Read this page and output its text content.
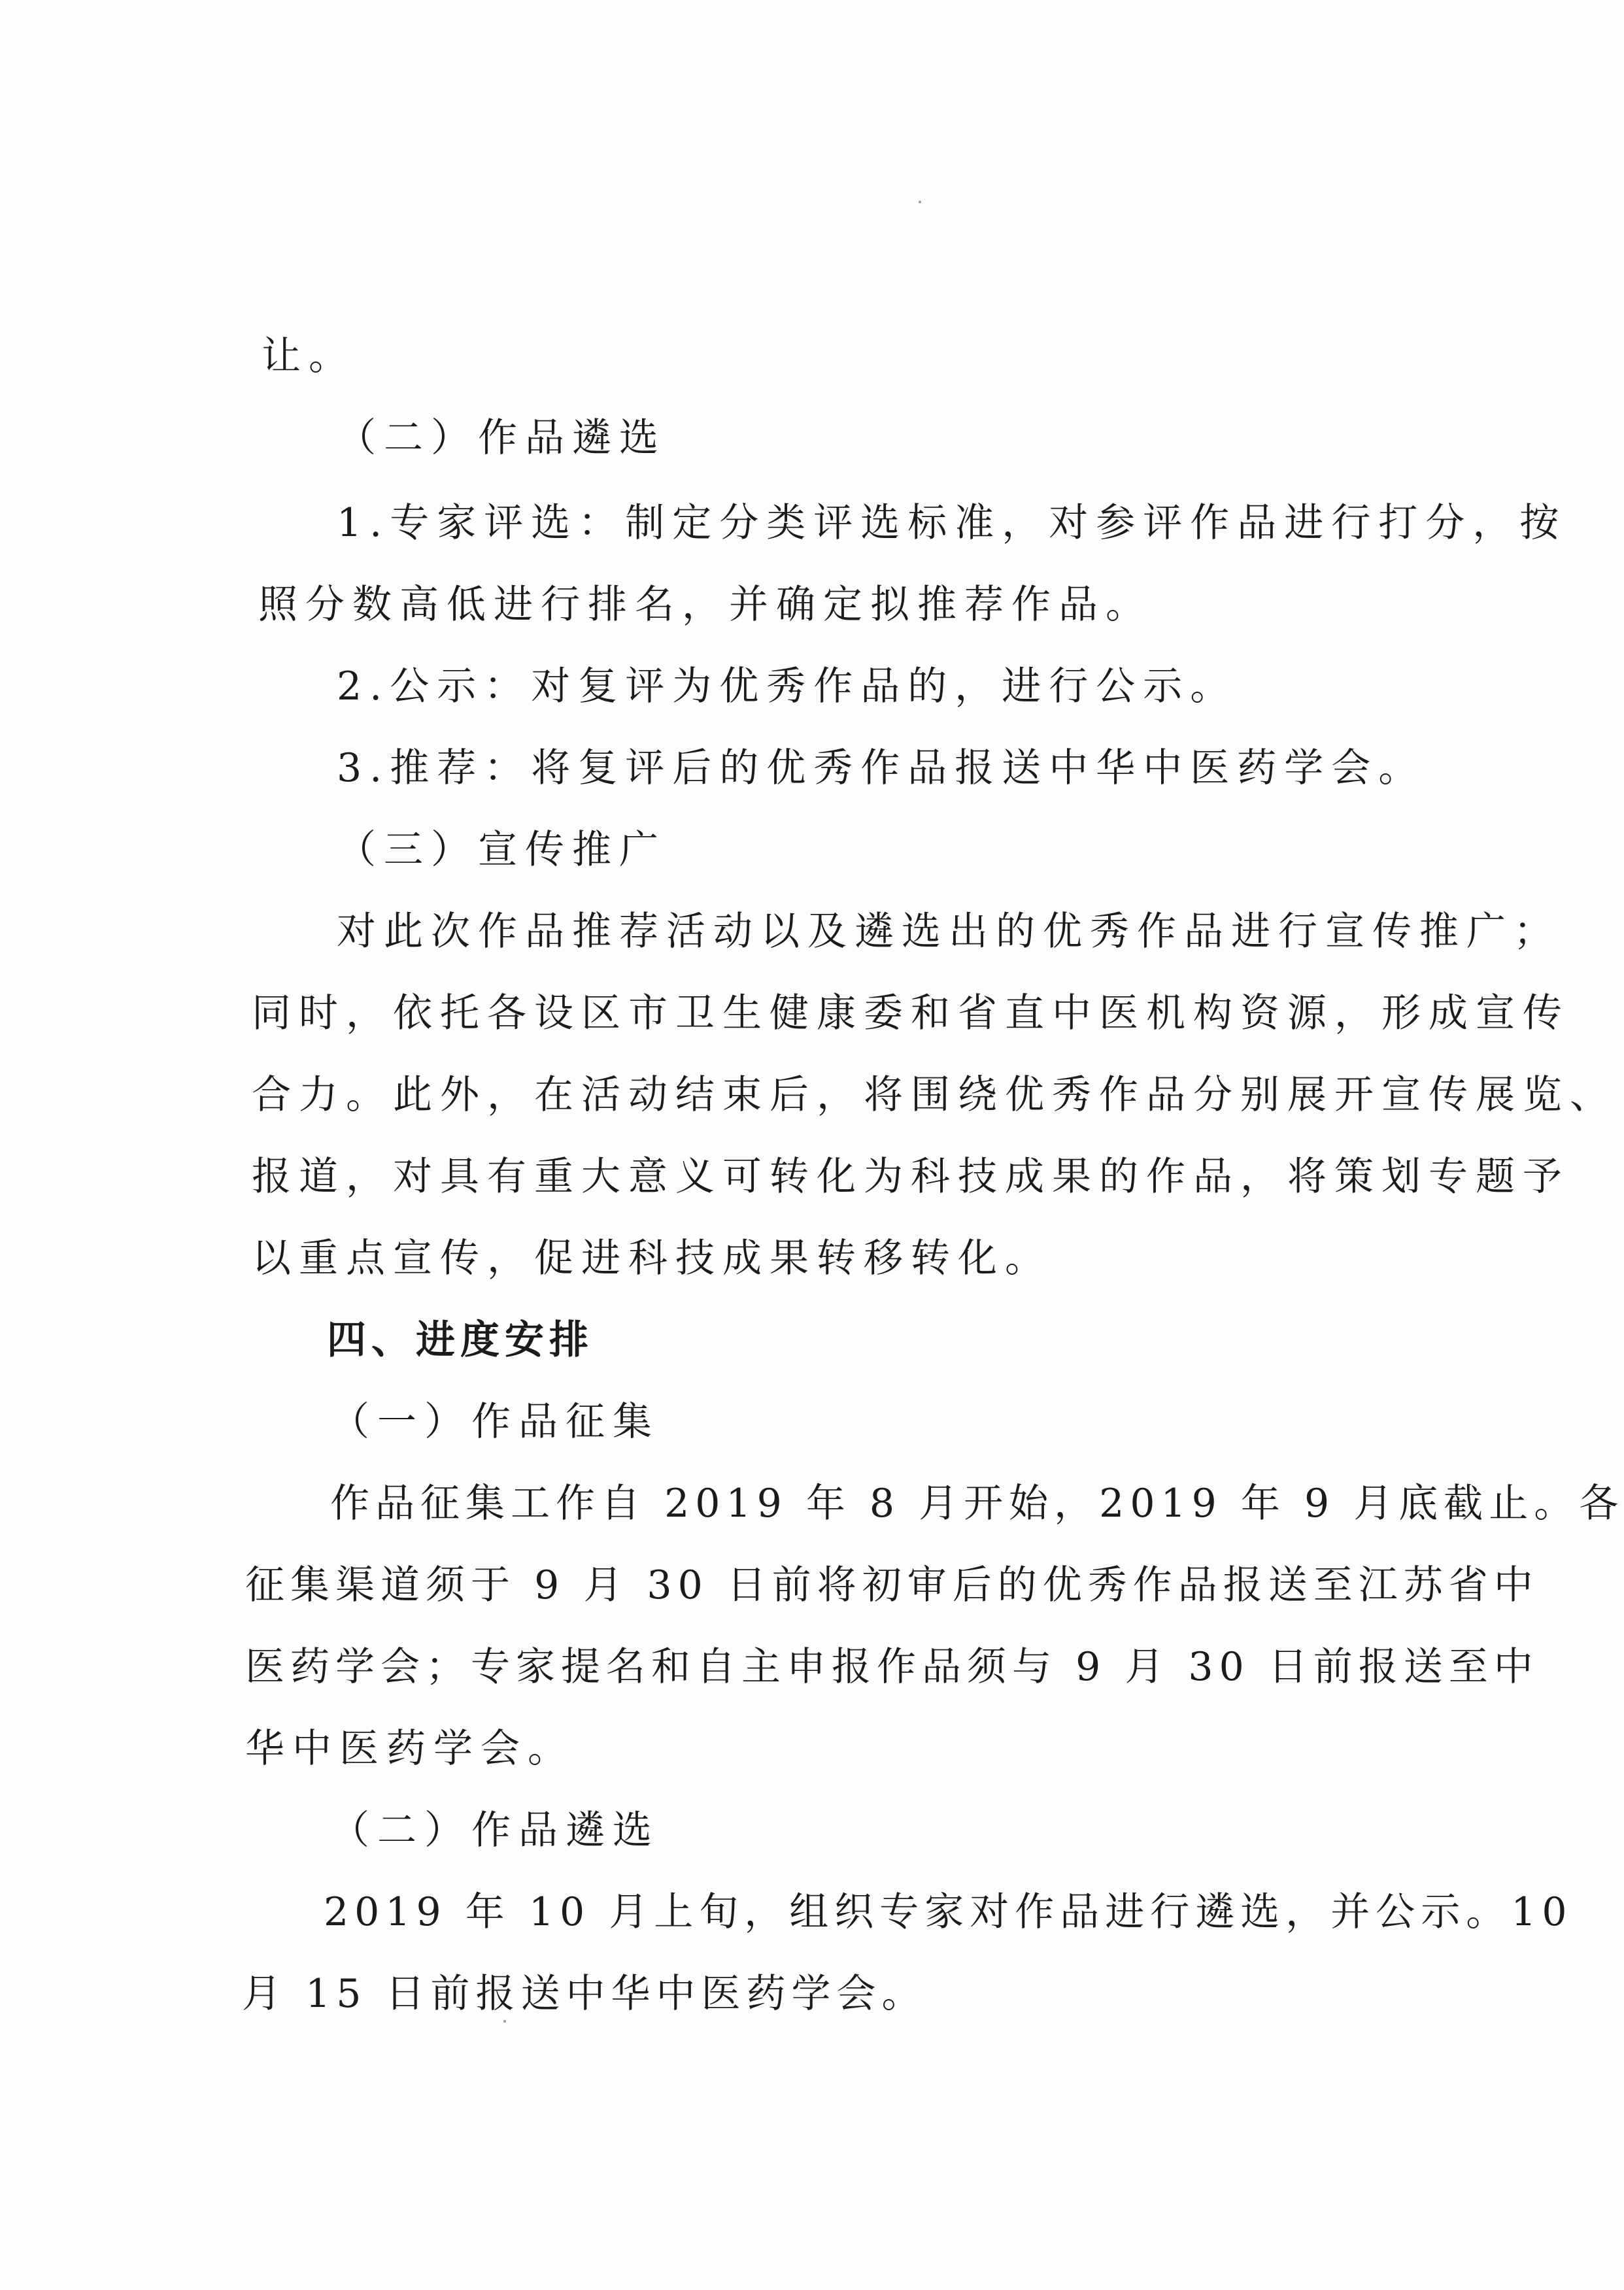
让。
（二）作品遴选
1.专家评选：制定分类评选标准，对参评作品进行打分，按
照分数高低进行排名，并确定拟推荐作品。
2.公示：对复评为优秀作品的，进行公示。
3.推荐：将复评后的优秀作品报送中华中医药学会。
（三）宣传推广
对此次作品推荐活动以及遴选出的优秀作品进行宣传推广；
同时，依托各设区市卫生健康委和省直中医机构资源，形成宣传
合力。此外，在活动结束后，将围绕优秀作品分别展开宣传展览、
报道，对具有重大意义可转化为科技成果的作品，将策划专题予
以重点宣传，促进科技成果转移转化。
四、进度安排
（一）作品征集
作品征集工作自 2019 年 8 月开始，2019 年 9 月底截止。各
征集渠道须于 9 月 30 日前将初审后的优秀作品报送至江苏省中
医药学会；专家提名和自主申报作品须与 9 月 30 日前报送至中
华中医药学会。
（二）作品遴选
2019 年 10 月上旬，组织专家对作品进行遴选，并公示。10
月 15 日前报送中华中医药学会。
